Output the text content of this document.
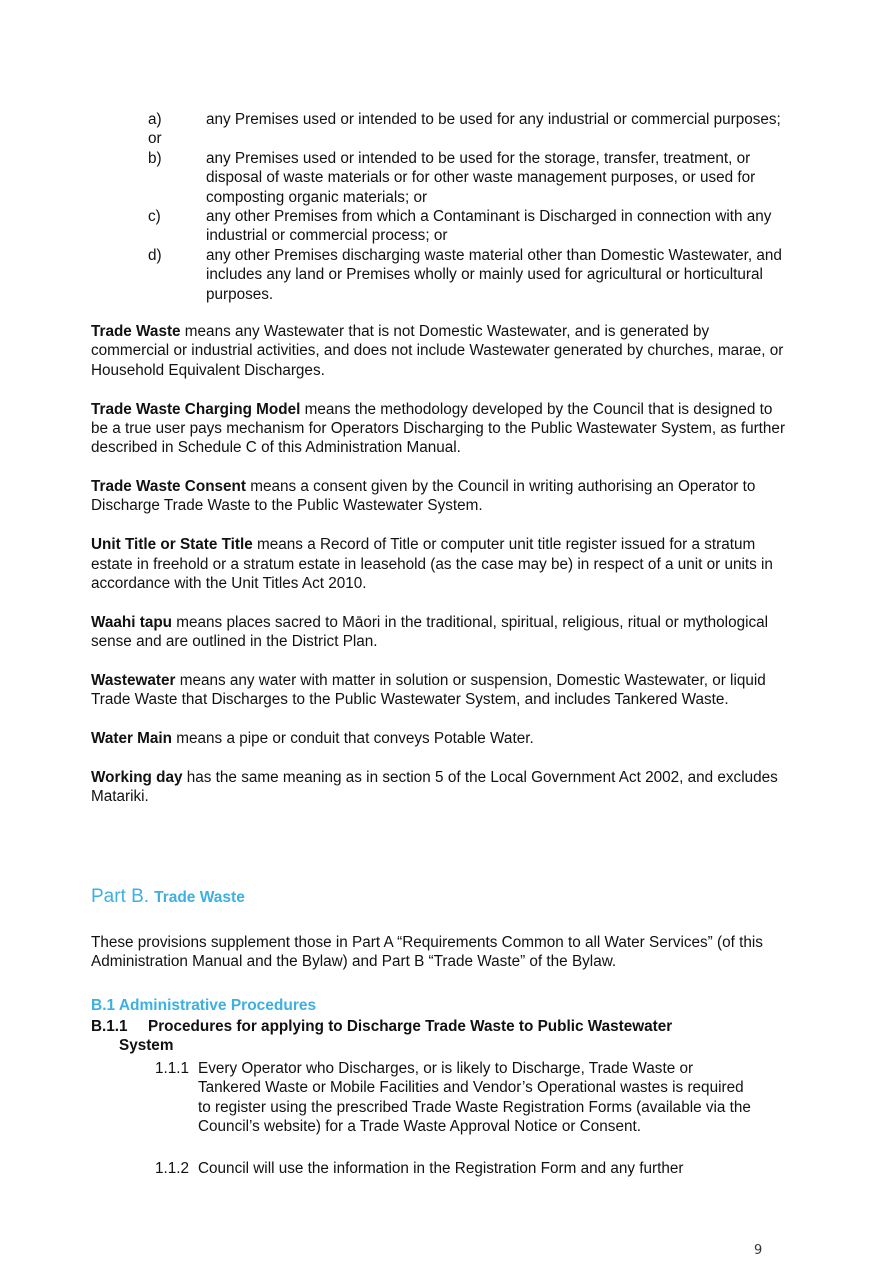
a)	any Premises used or intended to be used for any industrial or commercial purposes; or
b)	any Premises used or intended to be used for the storage, transfer, treatment, or disposal of waste materials or for other waste management purposes, or used for composting organic materials; or
c)	any other Premises from which a Contaminant is Discharged in connection with any industrial or commercial process; or
d)	any other Premises discharging waste material other than Domestic Wastewater, and includes any land or Premises wholly or mainly used for agricultural or horticultural purposes.
Trade Waste means any Wastewater that is not Domestic Wastewater, and is generated by commercial or industrial activities, and does not include Wastewater generated by churches, marae, or Household Equivalent Discharges.
Trade Waste Charging Model means the methodology developed by the Council that is designed to be a true user pays mechanism for Operators Discharging to the Public Wastewater System, as further described in Schedule C of this Administration Manual.
Trade Waste Consent means a consent given by the Council in writing authorising an Operator to Discharge Trade Waste to the Public Wastewater System.
Unit Title or State Title means a Record of Title or computer unit title register issued for a stratum estate in freehold or a stratum estate in leasehold (as the case may be) in respect of a unit or units in accordance with the Unit Titles Act 2010.
Waahi tapu means places sacred to Māori in the traditional, spiritual, religious, ritual or mythological sense and are outlined in the District Plan.
Wastewater means any water with matter in solution or suspension, Domestic Wastewater, or liquid Trade Waste that Discharges to the Public Wastewater System, and includes Tankered Waste.
Water Main means a pipe or conduit that conveys Potable Water.
Working day has the same meaning as in section 5 of the Local Government Act 2002, and excludes Matariki.
Part B. Trade Waste
These provisions supplement those in Part A “Requirements Common to all Water Services” (of this Administration Manual and the Bylaw) and Part B “Trade Waste” of the Bylaw.
B.1 Administrative Procedures
B.1.1 Procedures for applying to Discharge Trade Waste to Public Wastewater
System
1.1.1 Every Operator who Discharges, or is likely to Discharge, Trade Waste or Tankered Waste or Mobile Facilities and Vendor’s Operational wastes is required to register using the prescribed Trade Waste Registration Forms (available via the Council’s website) for a Trade Waste Approval Notice or Consent.
1.1.2 Council will use the information in the Registration Form and any further
9
